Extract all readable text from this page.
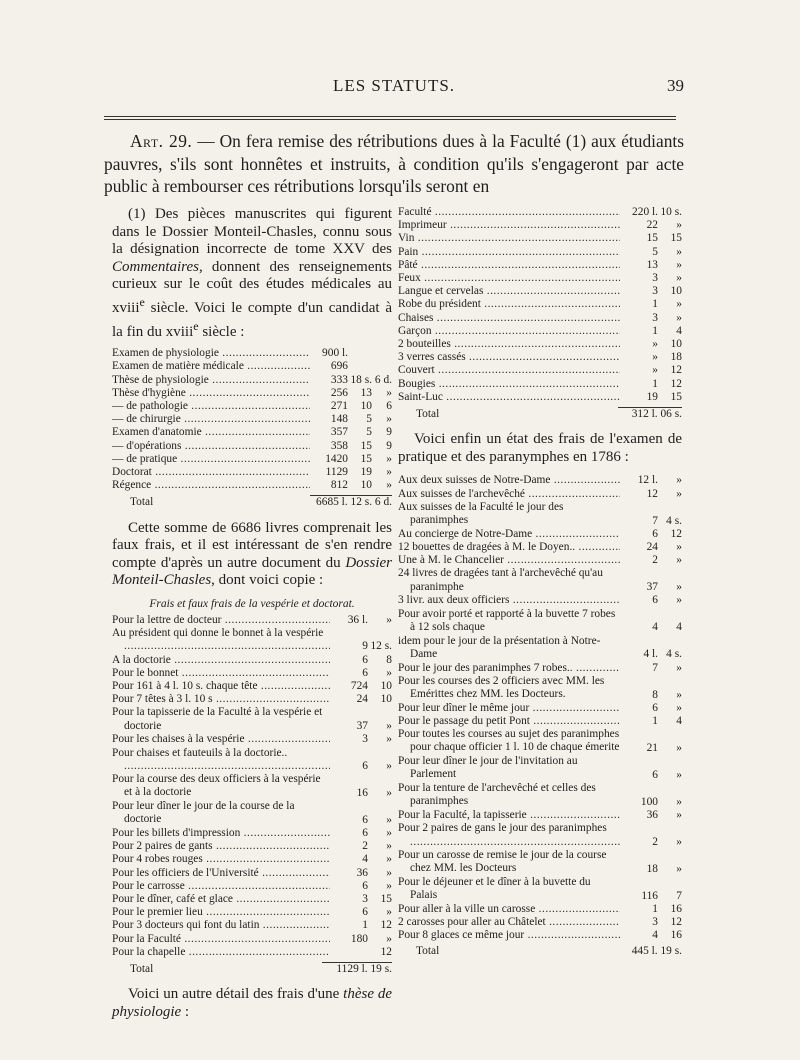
LES STATUTS.	39
Art. 29. — On fera remise des rétributions dues à la Faculté (1) aux étudiants pauvres, s'ils sont honnêtes et instruits, à condition qu'ils s'engageront par acte public à rembourser ces rétributions lorsqu'ils seront en

(1) Des pièces manuscrites qui figurent dans le Dossier Monteil-Chasles, connu sous la désignation incorrecte de tome XXV des Commentaires, donnent des renseignements curieux sur le coût des études médicales au xviii$^e$ siècle. Voici le compte d'un candidat à la fin du xviii$^e$ siècle :

Examen de physiologie .....	900 l.
Examen de matière médicale .....	696
Thèse de physiologie .....	333 18 s. 6 d.
Thèse d'hygiène .....	256	13	»
— de pathologie .....	271	10	6
— de chirurgie .....	148	5	»
Examen d'anatomie .....	357	5	9
— d'opérations .....	358	15	9
— de pratique .....	1420	15	»
Doctorat .....	1129	19	»
Régence .....	812	10	»
Total	6685 l. 12 s. 6 d.

Cette somme de 6686 livres comprenait les faux frais, et il est intéressant de s'en rendre compte d'après un autre document du Dossier Monteil-Chasles, dont voici copie :

Frais et faux frais de la vespérie et doctorat.
Pour la lettre de docteur .....	36 l.	»
Au président qui donne le bonnet à la vespérie .....
9 12 s.
A la doctorie .....	6	8
Pour le bonnet .....	6	»
Pour 161 à 4 l. 10 s. chaque tête .....	724	10
Pour 7 têtes à 3 l. 10 s .....	24	10
Pour la tapisserie de la Faculté à la vespérie et doctorie .....	37	»
Pour les chaises à la vespérie .....	3	»
Pour chaises et fauteuils à la doctorie.. .....
6	»
Pour la course des deux officiers à la vespérie et à la doctorie .....	16	»
Pour leur dîner le jour de la course de la doctorie .....	6	»
Pour les billets d'impression .....	6	»
Pour 2 paires de gants .....	2	»
Pour 4 robes rouges .....	4	»
Pour les officiers de l'Université .....	36	»
Pour le carrosse .....	6	»
Pour le dîner, café et glace .....	3	15
Pour le premier lieu .....	6	»
Pour 3 docteurs qui font du latin .....	1	12
Pour la Faculté .....	180	»
Pour la chapelle .....	12
Total	1129 l. 19 s.

Voici un autre détail des frais d'une thèse de physiologie :

Faculté .....	220 l. 10 s.
Imprimeur .....	22	»
Vin .....	15	15
Pain .....	5	»
Pâté .....	13	»
Feux .....	3	»
Langue et cervelas .....	3	10
Robe du président .....	1	»
Chaises .....	3	»
Garçon .....	1	4
2 bouteilles .....	»	10
3 verres cassés .....	»	18
Couvert .....	»	12
Bougies .....	1	12
Saint-Luc .....	19	15
Total	312 l. 06 s.

Voici enfin un état des frais de l'examen de pratique et des paranymphes en 1786 :

Aux deux suisses de Notre-Dame .....	12 l.	»
Aux suisses de l'archevêché .....	12	»
Aux suisses de la Faculté le jour des paranimphes .....	7 4 s.
Au concierge de Notre-Dame .....	6	12
12 bouettes de dragées à M. le Doyen.. .....	24	»
Une à M. le Chancelier .....	2	»
24 livres de dragées tant à l'archevêché qu'au paranimphe .....	37	»
3 livr. aux deux officiers .....	6	»
Pour avoir porté et rapporté à la buvette 7 robes à 12 sols chaque .....	4	4
idem pour le jour de la présentation à Notre-Dame .....	4 l. 4 s.
Pour le jour des paranimphes 7 robes.. .....	7	»
Pour les courses des 2 officiers avec MM. les Emérittes chez MM. les Docteurs. .....	8	»
Pour leur dîner le même jour .....	6	»
Pour le passage du petit Pont .....	1	4
Pour toutes les courses au sujet des paranimphes pour chaque officier 1 l. 10 de chaque émerite .....	21	»
Pour leur dîner le jour de l'invitation au Parlement .....	6	»
Pour la tenture de l'archevêché et celles des paranimphes .....	100	»
Pour la Faculté, la tapisserie .....	36	»
Pour 2 paires de gans le jour des paranimphes .....
2	»
Pour un carosse de remise le jour de la course chez MM. les Docteurs .....	18	»
Pour le déjeuner et le dîner à la buvette du Palais .....	116	7
Pour aller à la ville un carosse .....	1	16
2 carosses pour aller au Châtelet .....	3	12
Pour 8 glaces ce même jour .....	4	16
Total	445 l. 19 s.
